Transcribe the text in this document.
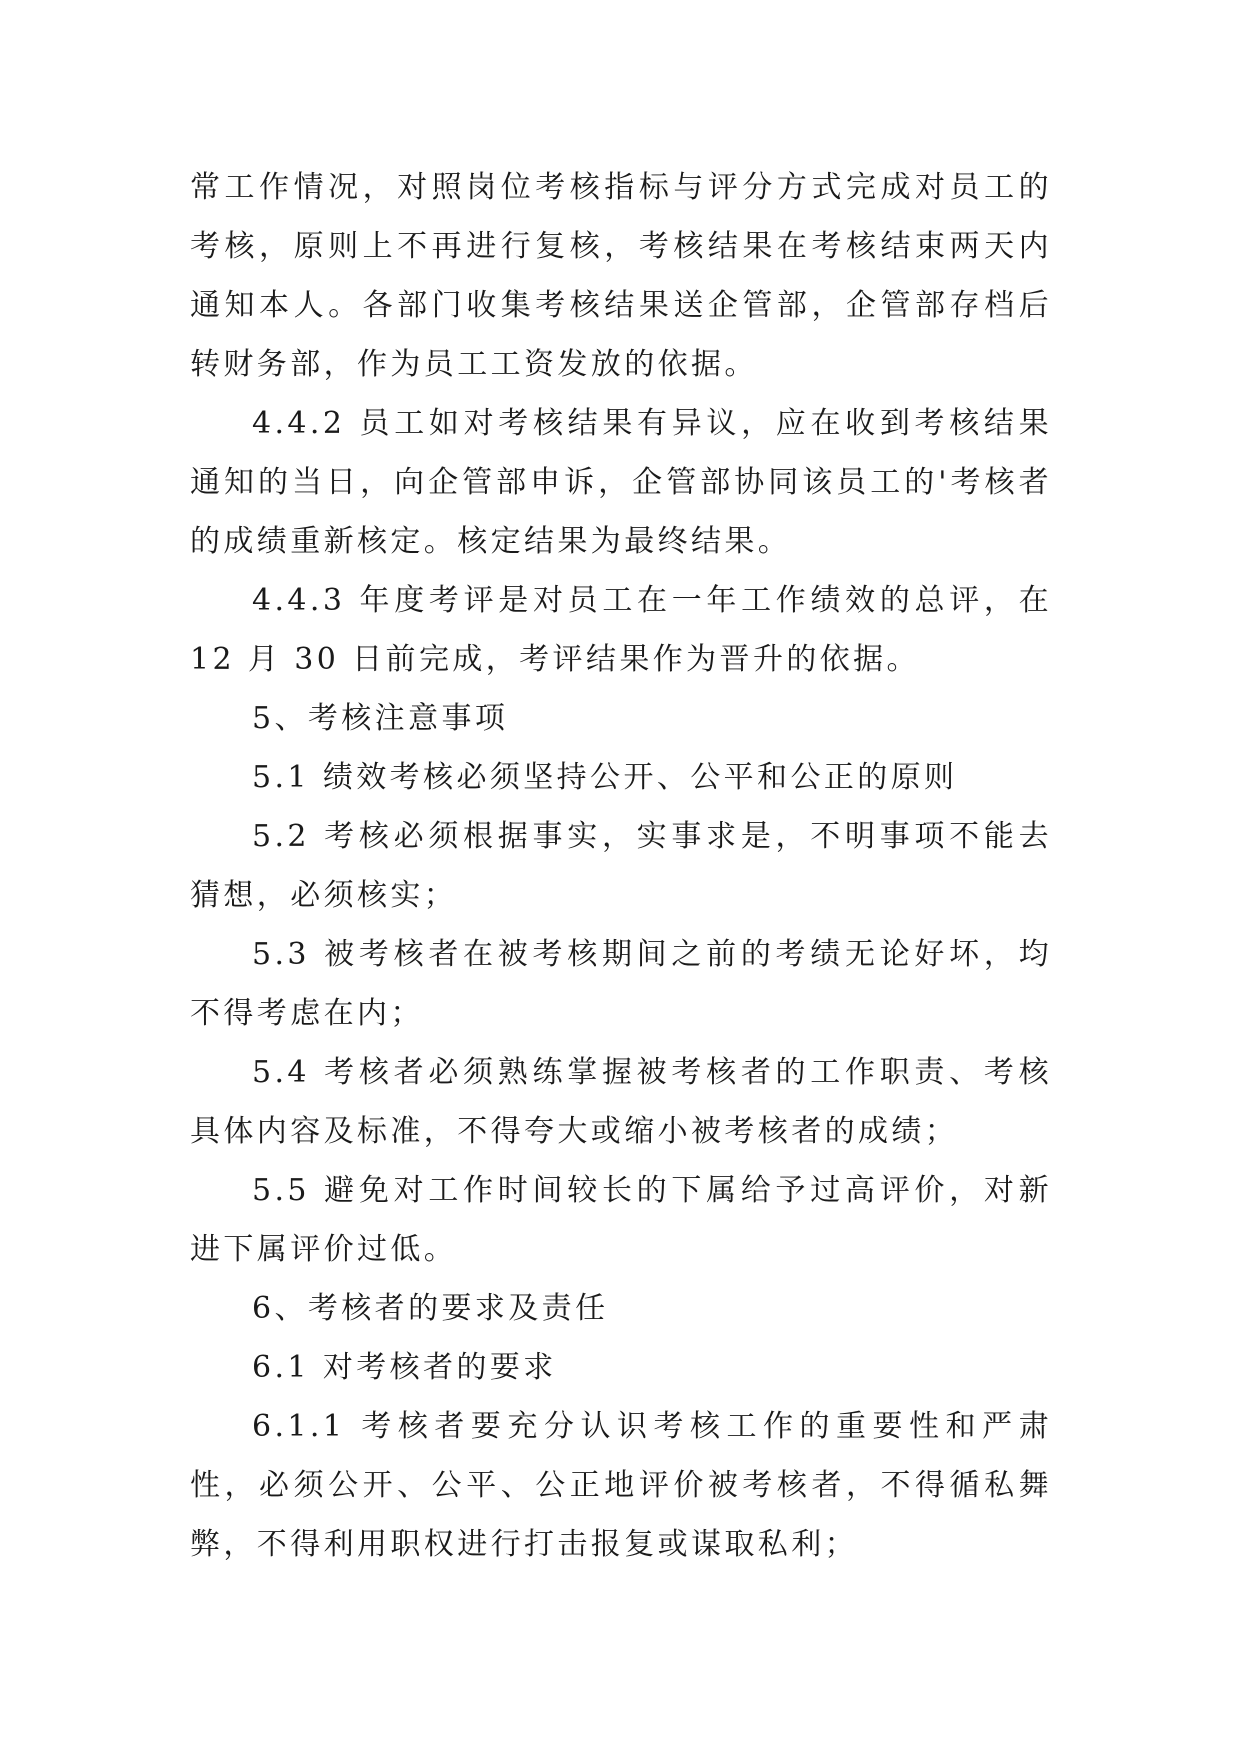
常工作情况，对照岗位考核指标与评分方式完成对员工的考核，原则上不再进行复核，考核结果在考核结束两天内通知本人。各部门收集考核结果送企管部，企管部存档后转财务部，作为员工工资发放的依据。

4.4.2 员工如对考核结果有异议，应在收到考核结果通知的当日，向企管部申诉，企管部协同该员工的'考核者的成绩重新核定。核定结果为最终结果。

4.4.3 年度考评是对员工在一年工作绩效的总评，在 12 月 30 日前完成，考评结果作为晋升的依据。

5、考核注意事项

5.1 绩效考核必须坚持公开、公平和公正的原则

5.2 考核必须根据事实，实事求是，不明事项不能去猜想，必须核实；

5.3 被考核者在被考核期间之前的考绩无论好坏，均不得考虑在内；

5.4 考核者必须熟练掌握被考核者的工作职责、考核具体内容及标准，不得夸大或缩小被考核者的成绩；

5.5 避免对工作时间较长的下属给予过高评价，对新进下属评价过低。

6、考核者的要求及责任

6.1 对考核者的要求

6.1.1 考核者要充分认识考核工作的重要性和严肃性，必须公开、公平、公正地评价被考核者，不得循私舞弊，不得利用职权进行打击报复或谋取私利；
